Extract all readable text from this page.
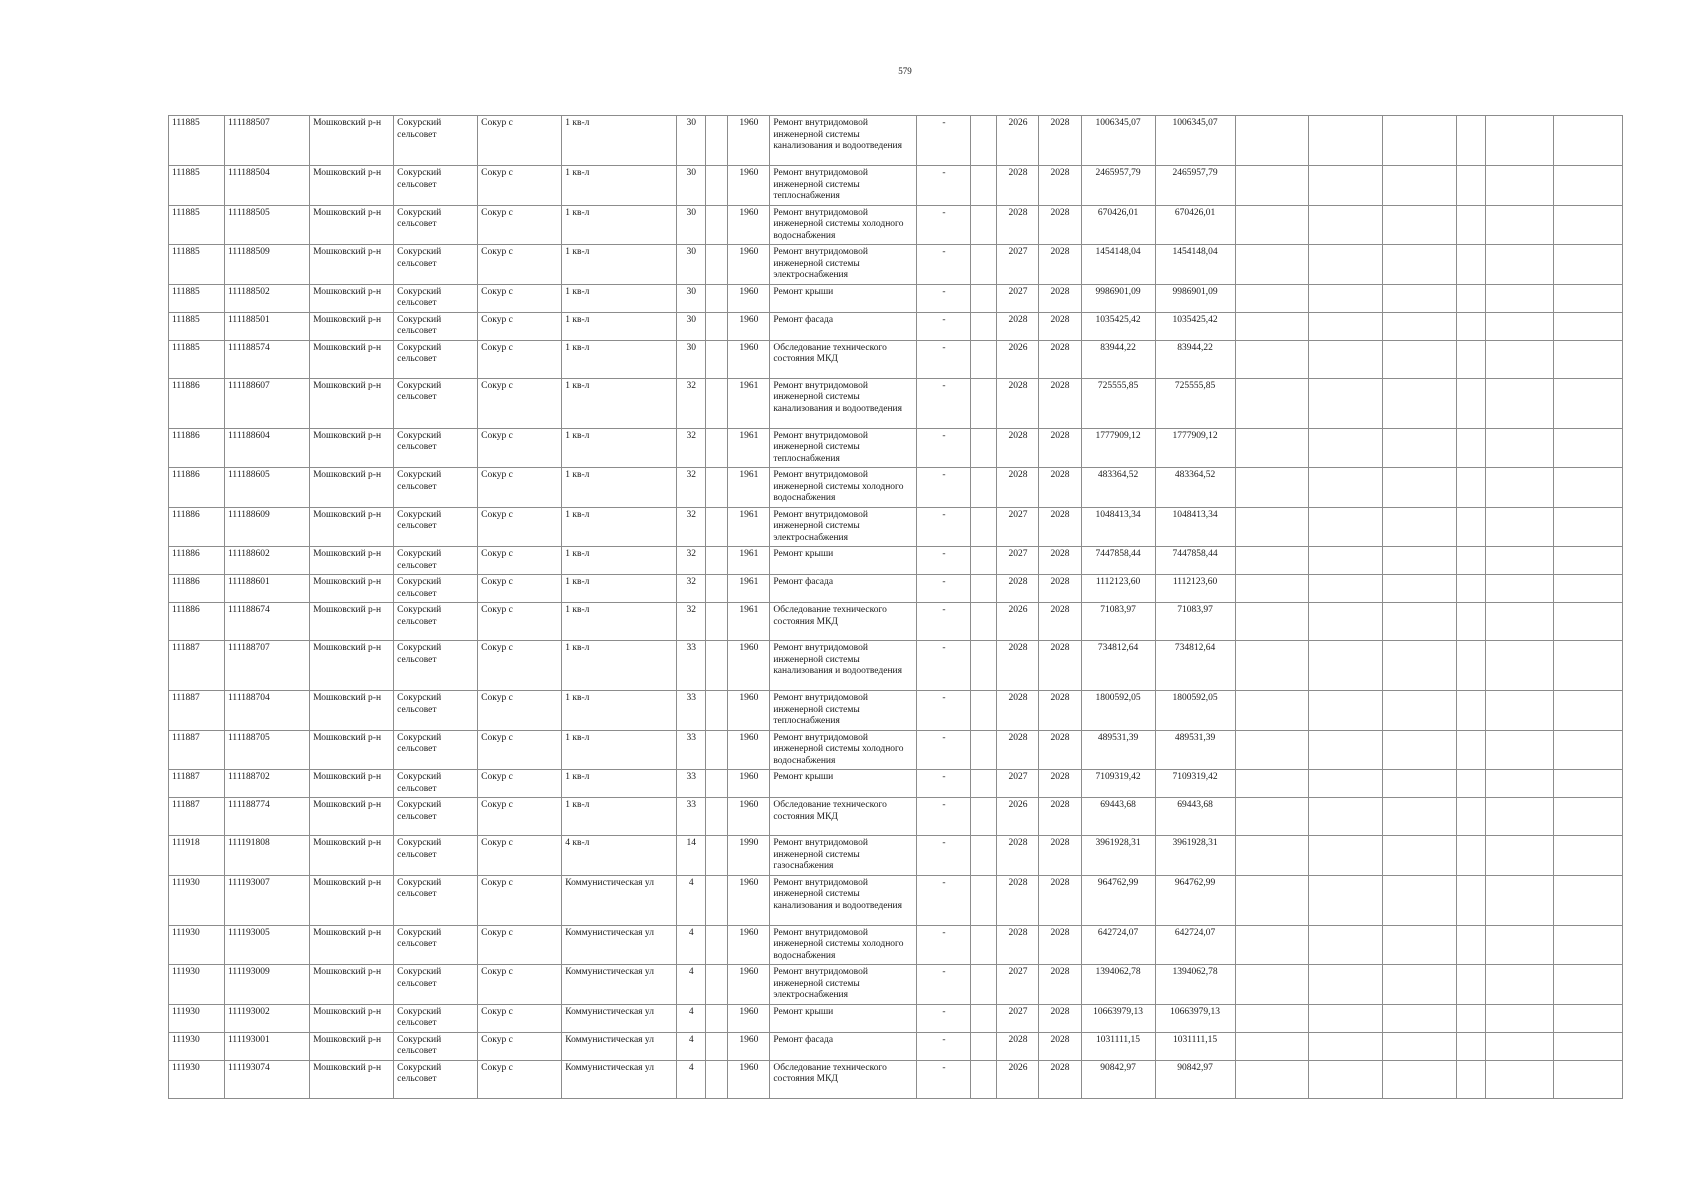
579
111885	111188507	Мошковский р-н	Сокурский сельсовет	Сокур с	1 кв-л	30		1960	Ремонт внутридомовой инженерной системы канализования и водоотведения	-		2026	2028	1006345,07	1006345,07						
111885	111188504	Мошковский р-н	Сокурский сельсовет	Сокур с	1 кв-л	30		1960	Ремонт внутридомовой инженерной системы теплоснабжения	-		2028	2028	2465957,79	2465957,79						
111885	111188505	Мошковский р-н	Сокурский сельсовет	Сокур с	1 кв-л	30		1960	Ремонт внутридомовой инженерной системы холодного водоснабжения	-		2028	2028	670426,01	670426,01						
111885	111188509	Мошковский р-н	Сокурский сельсовет	Сокур с	1 кв-л	30		1960	Ремонт внутридомовой инженерной системы электроснабжения	-		2027	2028	1454148,04	1454148,04						
111885	111188502	Мошковский р-н	Сокурский сельсовет	Сокур с	1 кв-л	30		1960	Ремонт крыши	-		2027	2028	9986901,09	9986901,09						
111885	111188501	Мошковский р-н	Сокурский сельсовет	Сокур с	1 кв-л	30		1960	Ремонт фасада	-		2028	2028	1035425,42	1035425,42						
111885	111188574	Мошковский р-н	Сокурский сельсовет	Сокур с	1 кв-л	30		1960	Обследование технического состояния МКД	-		2026	2028	83944,22	83944,22						
111886	111188607	Мошковский р-н	Сокурский сельсовет	Сокур с	1 кв-л	32		1961	Ремонт внутридомовой инженерной системы канализования и водоотведения	-		2028	2028	725555,85	725555,85						
111886	111188604	Мошковский р-н	Сокурский сельсовет	Сокур с	1 кв-л	32		1961	Ремонт внутридомовой инженерной системы теплоснабжения	-		2028	2028	1777909,12	1777909,12						
111886	111188605	Мошковский р-н	Сокурский сельсовет	Сокур с	1 кв-л	32		1961	Ремонт внутридомовой инженерной системы холодного водоснабжения	-		2028	2028	483364,52	483364,52						
111886	111188609	Мошковский р-н	Сокурский сельсовет	Сокур с	1 кв-л	32		1961	Ремонт внутридомовой инженерной системы электроснабжения	-		2027	2028	1048413,34	1048413,34						
111886	111188602	Мошковский р-н	Сокурский сельсовет	Сокур с	1 кв-л	32		1961	Ремонт крыши	-		2027	2028	7447858,44	7447858,44						
111886	111188601	Мошковский р-н	Сокурский сельсовет	Сокур с	1 кв-л	32		1961	Ремонт фасада	-		2028	2028	1112123,60	1112123,60						
111886	111188674	Мошковский р-н	Сокурский сельсовет	Сокур с	1 кв-л	32		1961	Обследование технического состояния МКД	-		2026	2028	71083,97	71083,97						
111887	111188707	Мошковский р-н	Сокурский сельсовет	Сокур с	1 кв-л	33		1960	Ремонт внутридомовой инженерной системы канализования и водоотведения	-		2028	2028	734812,64	734812,64						
111887	111188704	Мошковский р-н	Сокурский сельсовет	Сокур с	1 кв-л	33		1960	Ремонт внутридомовой инженерной системы теплоснабжения	-		2028	2028	1800592,05	1800592,05						
111887	111188705	Мошковский р-н	Сокурский сельсовет	Сокур с	1 кв-л	33		1960	Ремонт внутридомовой инженерной системы холодного водоснабжения	-		2028	2028	489531,39	489531,39						
111887	111188702	Мошковский р-н	Сокурский сельсовет	Сокур с	1 кв-л	33		1960	Ремонт крыши	-		2027	2028	7109319,42	7109319,42						
111887	111188774	Мошковский р-н	Сокурский сельсовет	Сокур с	1 кв-л	33		1960	Обследование технического состояния МКД	-		2026	2028	69443,68	69443,68						
111918	111191808	Мошковский р-н	Сокурский сельсовет	Сокур с	4 кв-л	14		1990	Ремонт внутридомовой инженерной системы газоснабжения	-		2028	2028	3961928,31	3961928,31						
111930	111193007	Мошковский р-н	Сокурский сельсовет	Сокур с	Коммунистическая ул	4		1960	Ремонт внутридомовой инженерной системы канализования и водоотведения	-		2028	2028	964762,99	964762,99						
111930	111193005	Мошковский р-н	Сокурский сельсовет	Сокур с	Коммунистическая ул	4		1960	Ремонт внутридомовой инженерной системы холодного водоснабжения	-		2028	2028	642724,07	642724,07						
111930	111193009	Мошковский р-н	Сокурский сельсовет	Сокур с	Коммунистическая ул	4		1960	Ремонт внутридомовой инженерной системы электроснабжения	-		2027	2028	1394062,78	1394062,78						
111930	111193002	Мошковский р-н	Сокурский сельсовет	Сокур с	Коммунистическая ул	4		1960	Ремонт крыши	-		2027	2028	10663979,13	10663979,13						
111930	111193001	Мошковский р-н	Сокурский сельсовет	Сокур с	Коммунистическая ул	4		1960	Ремонт фасада	-		2028	2028	1031111,15	1031111,15						
111930	111193074	Мошковский р-н	Сокурский сельсовет	Сокур с	Коммунистическая ул	4		1960	Обследование технического состояния МКД	-		2026	2028	90842,97	90842,97						
